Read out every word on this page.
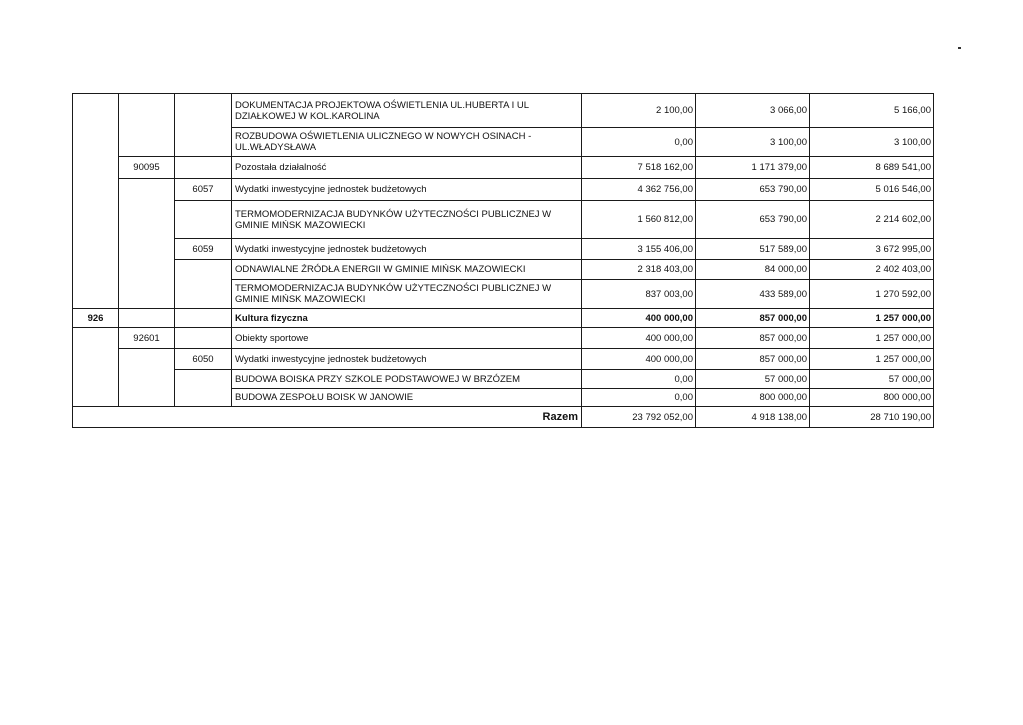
			DOKUMENTACJA PROJEKTOWA OŚWIETLENIA UL.HUBERTA I UL DZIAŁKOWEJ W KOL.KAROLINA	2 100,00	3 066,00	5 166,00
			ROZBUDOWA OŚWIETLENIA ULICZNEGO W NOWYCH OSINACH - UL.WŁADYSŁAWA	0,00	3 100,00	3 100,00
	90095		Pozostała działalność	7 518 162,00	1 171 379,00	8 689 541,00
		6057	Wydatki inwestycyjne jednostek budżetowych	4 362 756,00	653 790,00	5 016 546,00
			TERMOMODERNIZACJA BUDYNKÓW UŻYTECZNOŚCI PUBLICZNEJ W GMINIE MIŃSK MAZOWIECKI	1 560 812,00	653 790,00	2 214 602,00
		6059	Wydatki inwestycyjne jednostek budżetowych	3 155 406,00	517 589,00	3 672 995,00
			ODNAWIALNE ŹRÓDŁA ENERGII W GMINIE MIŃSK MAZOWIECKI	2 318 403,00	84 000,00	2 402 403,00
			TERMOMODERNIZACJA BUDYNKÓW UŻYTECZNOŚCI PUBLICZNEJ W GMINIE MIŃSK MAZOWIECKI	837 003,00	433 589,00	1 270 592,00
926			Kultura fizyczna	400 000,00	857 000,00	1 257 000,00
	92601		Obiekty sportowe	400 000,00	857 000,00	1 257 000,00
		6050	Wydatki inwestycyjne jednostek budżetowych	400 000,00	857 000,00	1 257 000,00
			BUDOWA BOISKA PRZY SZKOLE PODSTAWOWEJ W BRZÓZEM	0,00	57 000,00	57 000,00
			BUDOWA ZESPOŁU BOISK W JANOWIE	0,00	800 000,00	800 000,00
Razem				23 792 052,00	4 918 138,00	28 710 190,00
